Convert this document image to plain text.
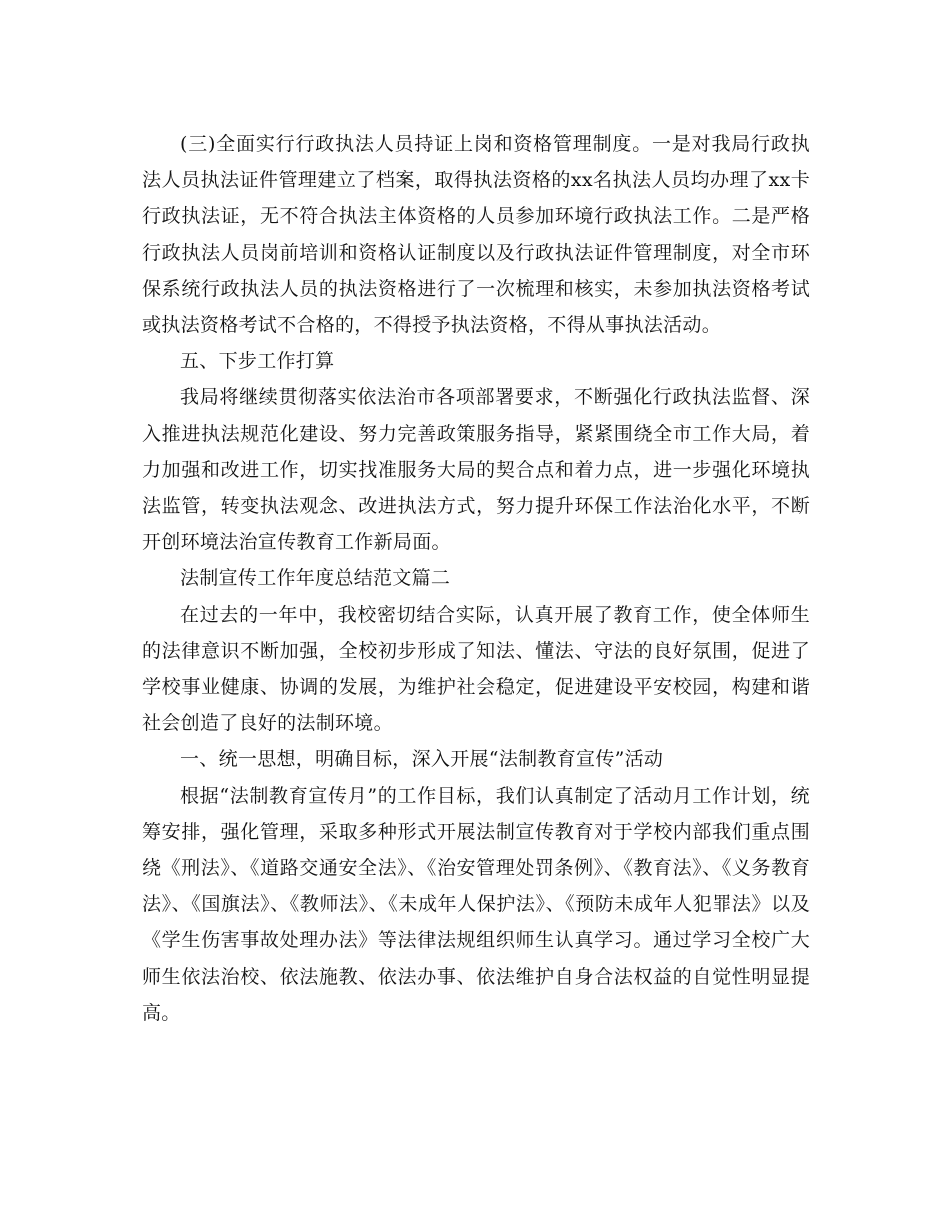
(三)全面实行行政执法人员持证上岗和资格管理制度。一是对我局行政执法人员执法证件管理建立了档案，取得执法资格的xx名执法人员均办理了xx卡行政执法证，无不符合执法主体资格的人员参加环境行政执法工作。二是严格行政执法人员岗前培训和资格认证制度以及行政执法证件管理制度，对全市环保系统行政执法人员的执法资格进行了一次梳理和核实，未参加执法资格考试或执法资格考试不合格的，不得授予执法资格，不得从事执法活动。

五、下步工作打算

我局将继续贯彻落实依法治市各项部署要求，不断强化行政执法监督、深入推进执法规范化建设、努力完善政策服务指导，紧紧围绕全市工作大局，着力加强和改进工作，切实找准服务大局的契合点和着力点，进一步强化环境执法监管，转变执法观念、改进执法方式，努力提升环保工作法治化水平，不断开创环境法治宣传教育工作新局面。

法制宣传工作年度总结范文篇二

在过去的一年中，我校密切结合实际，认真开展了教育工作，使全体师生的法律意识不断加强，全校初步形成了知法、懂法、守法的良好氛围，促进了学校事业健康、协调的发展，为维护社会稳定，促进建设平安校园，构建和谐社会创造了良好的法制环境。

一、统一思想，明确目标，深入开展“法制教育宣传”活动

根据“法制教育宣传月”的工作目标，我们认真制定了活动月工作计划，统筹安排，强化管理，采取多种形式开展法制宣传教育对于学校内部我们重点围绕《刑法》、《道路交通安全法》、《治安管理处罚条例》、《教育法》、《义务教育法》、《国旗法》、《教师法》、《未成年人保护法》、《预防未成年人犯罪法》以及《学生伤害事故处理办法》等法律法规组织师生认真学习。通过学习全校广大师生依法治校、依法施教、依法办事、依法维护自身合法权益的自觉性明显提高。
